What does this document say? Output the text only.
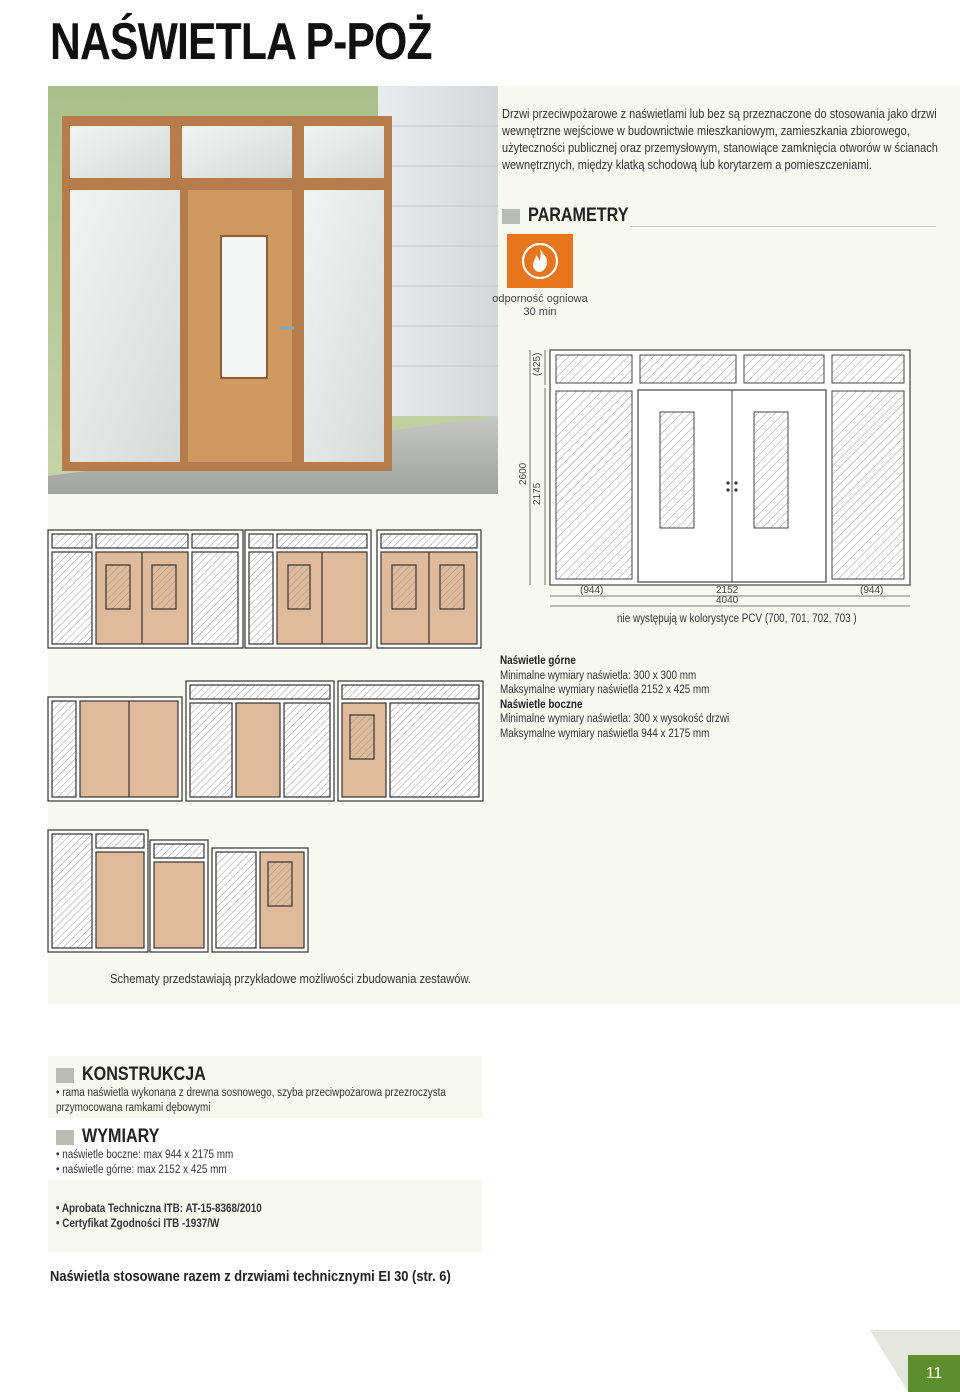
NAŚWIETLA P-POŻ
Drzwi przeciwpożarowe z naświetlami lub bez są przeznaczone do stosowania jako drzwi wewnętrzne wejściowe w budownictwie mieszkaniowym, zamieszkania zbiorowego, użyteczności publicznej oraz przemysłowym, stanowiące zamknięcia otworów w ścianach wewnętrznych, między klatką schodową lub korytarzem a pomieszczeniami.
PARAMETRY
odporność ogniowa
30 min
(425)
2600
2175
(944)	2152	(944)
4040
nie występują w kolorystyce PCV (700, 701, 702, 703 )
Naświetle górne
Minimalne wymiary naświetla: 300 x 300 mm
Maksymalne wymiary naświetla 2152 x 425 mm
Naświetle boczne
Minimalne wymiary naświetla: 300 x wysokość drzwi
Maksymalne wymiary naświetla 944 x 2175 mm
Schematy przedstawiają przykładowe możliwości zbudowania zestawów.
KONSTRUKCJA
• rama naświetla wykonana z drewna sosnowego, szyba przeciwpożarowa przezroczysta przymocowana ramkami dębowymi
WYMIARY
• naświetle boczne: max 944 x 2175 mm
• naświetle górne: max 2152 x 425 mm
• Aprobata Techniczna ITB: AT-15-8368/2010
• Certyfikat Zgodności ITB -1937/W
Naświetla stosowane razem z drzwiami technicznymi EI 30 (str. 6)
11
